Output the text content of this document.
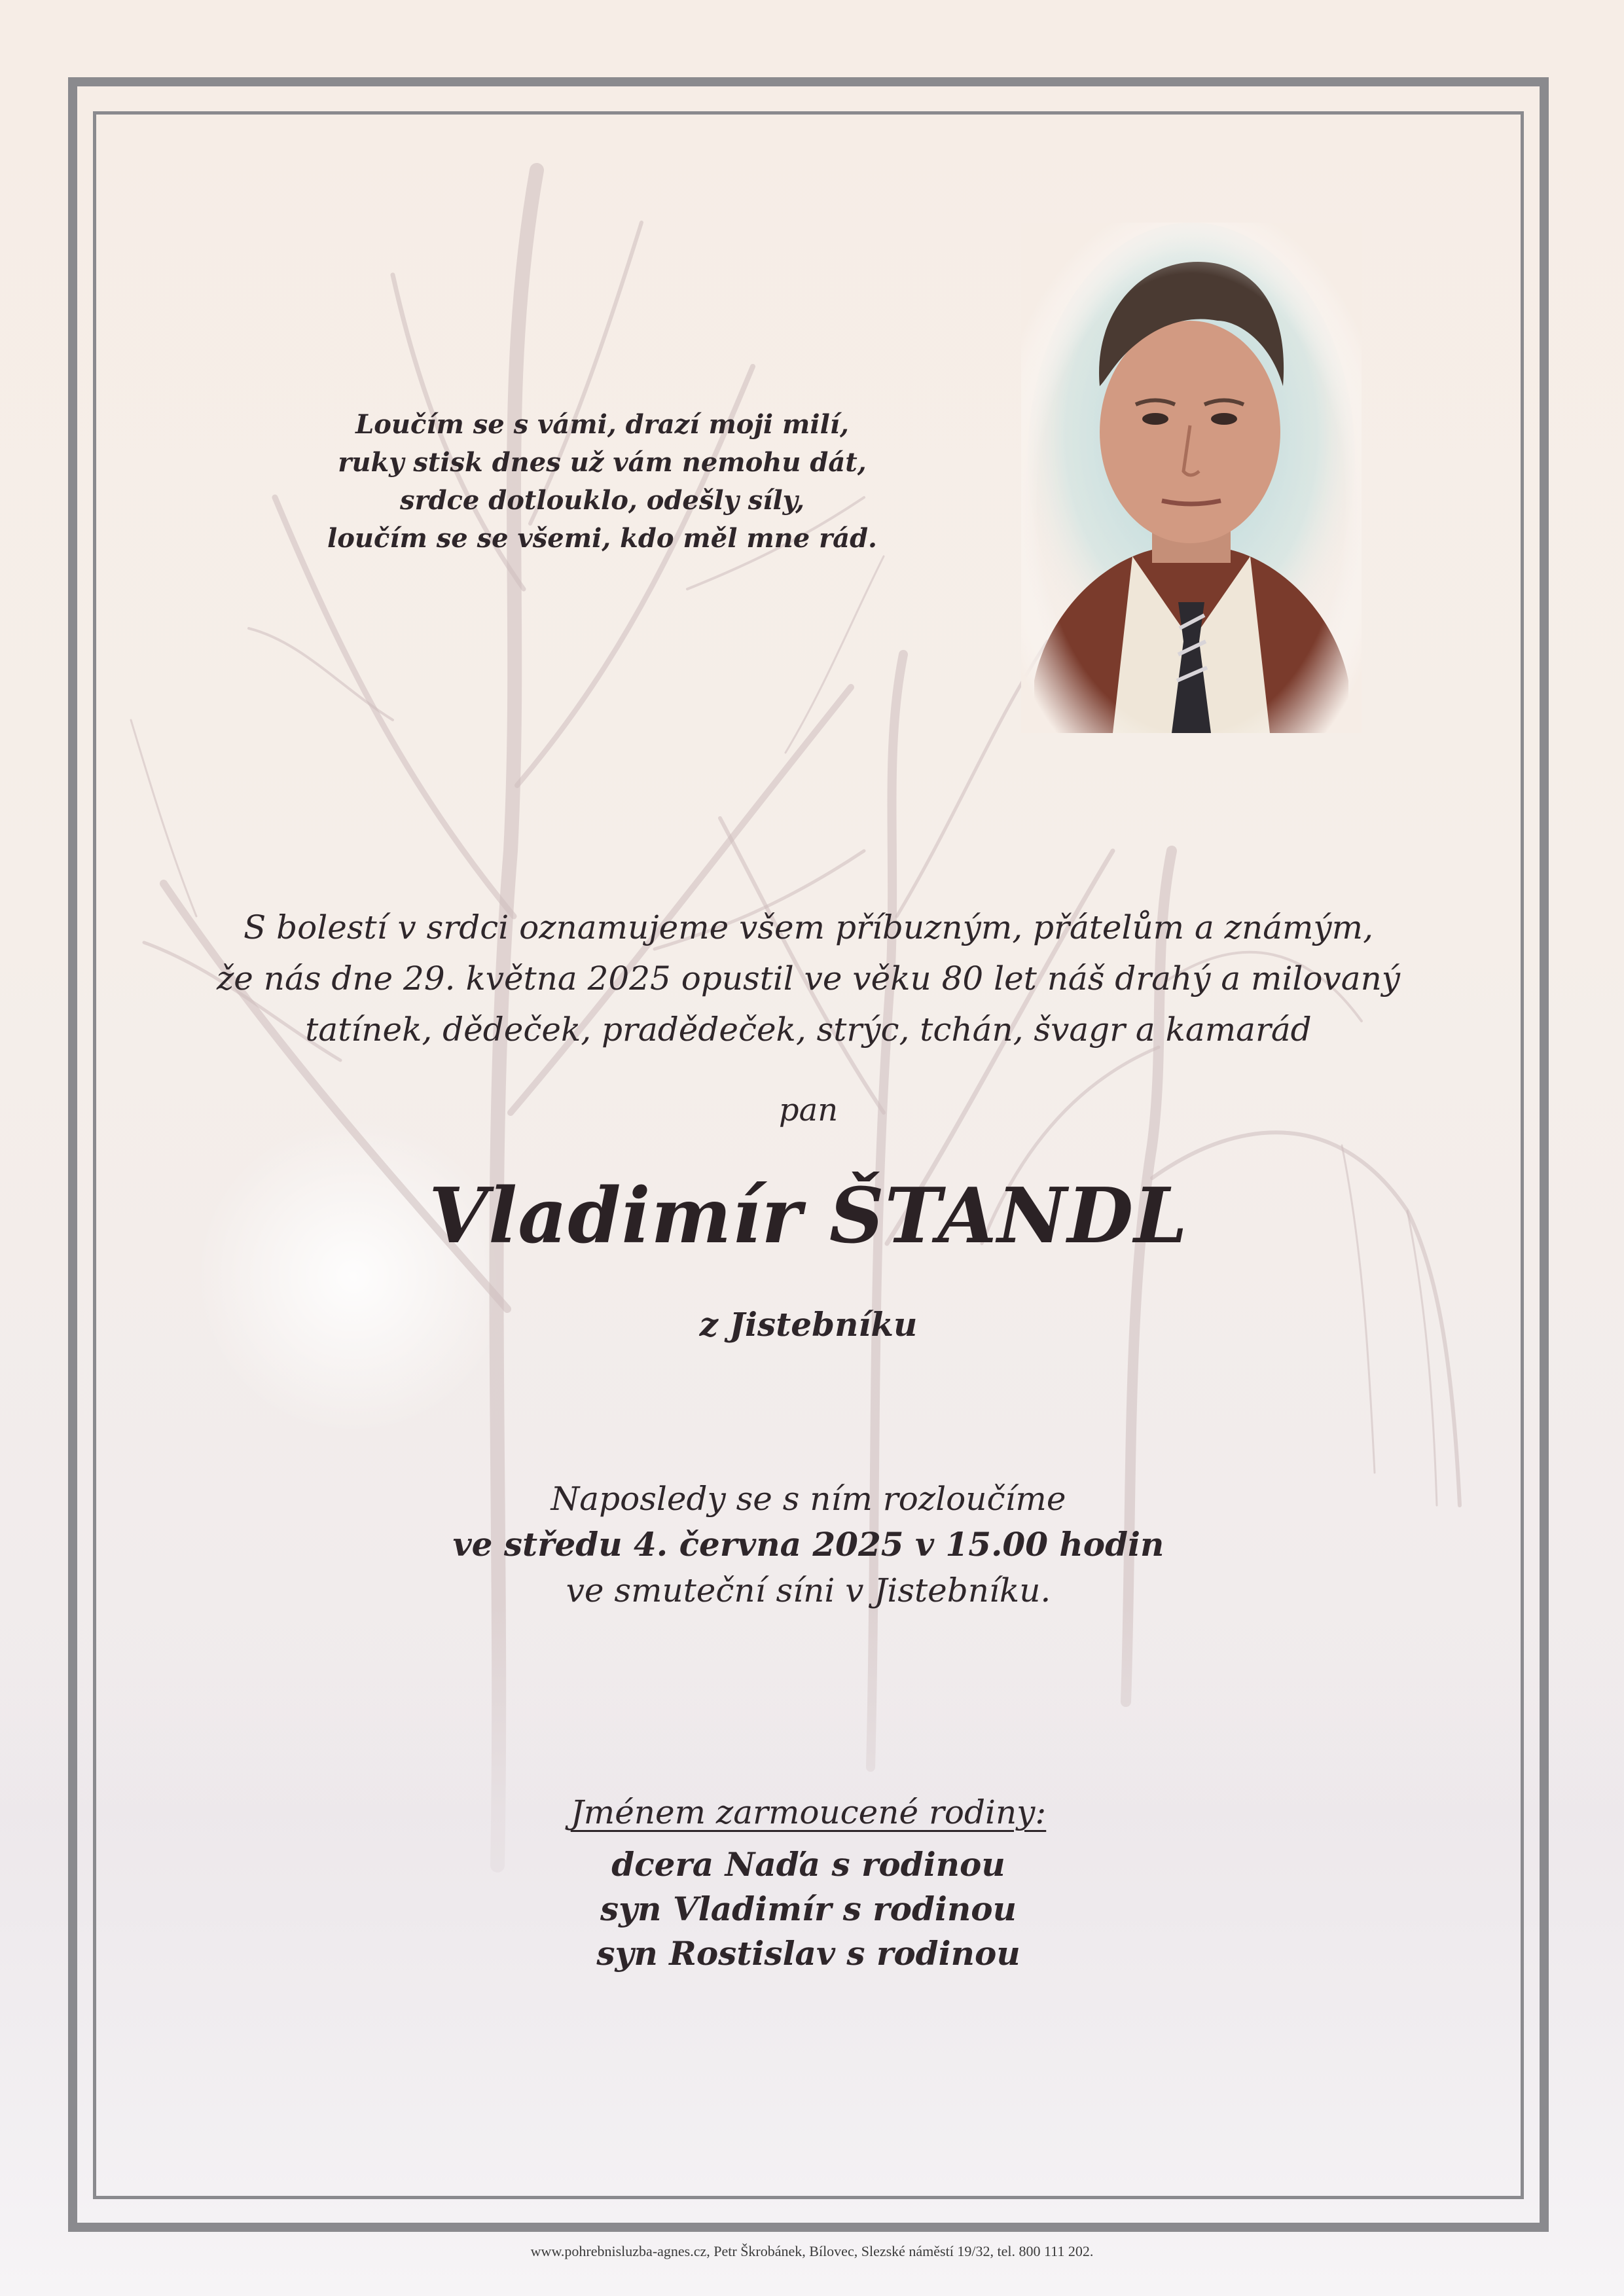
Loučím se s vámi, drazí moji milí,
ruky stisk dnes už vám nemohu dát,
srdce dotlouklo, odešly síly,
loučím se se všemi, kdo měl mne rád.
S bolestí v srdci oznamujeme všem příbuzným, přátelům a známým,
že nás dne 29. května 2025 opustil ve věku 80 let náš drahý a milovaný
tatínek, dědeček, pradědeček, strýc, tchán, švagr a kamarád
pan
Vladimír ŠTANDL
z Jistebníku
Naposledy se s ním rozloučíme
ve středu 4. června 2025 v 15.00 hodin
ve smuteční síni v Jistebníku.
Jménem zarmoucené rodiny:
dcera Naďa s rodinou
syn Vladimír s rodinou
syn Rostislav s rodinou
www.pohrebnisluzba-agnes.cz, Petr Škrobánek, Bílovec, Slezské náměstí 19/32, tel. 800 111 202.
